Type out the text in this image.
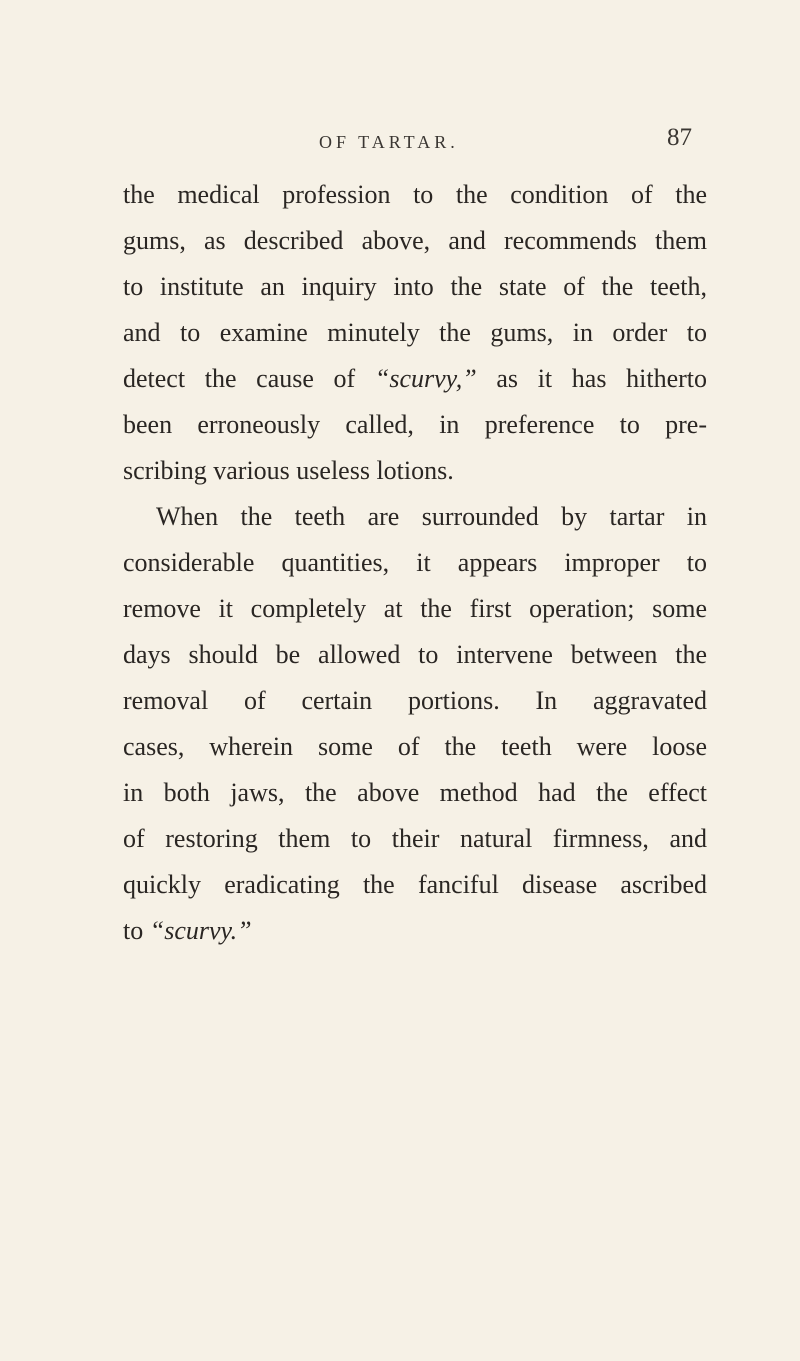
OF TARTAR.	87
the medical profession to the condition of the
gums, as described above, and recommends them
to institute an inquiry into the state of the teeth,
and to examine minutely the gums, in order to
detect the cause of “scurvy,” as it has hitherto
been erroneously called, in preference to pre-
scribing various useless lotions.
When the teeth are surrounded by tartar in
considerable quantities, it appears improper to
remove it completely at the first operation; some
days should be allowed to intervene between the
removal of certain portions. In aggravated
cases, wherein some of the teeth were loose
in both jaws, the above method had the effect
of restoring them to their natural firmness, and
quickly eradicating the fanciful disease ascribed
to “scurvy.”
